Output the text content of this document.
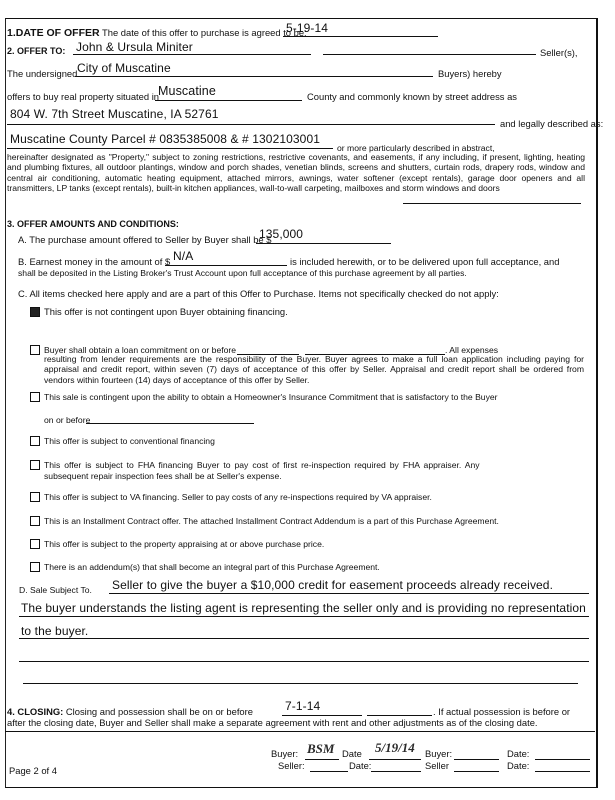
1.DATE OF OFFER The date of this offer to purchase is agreed to be:
5-19-14
2. OFFER TO: John & Ursula Miniter	Seller(s),
The undersigned City of Muscatine	Buyers) hereby
offers to buy real property situated in Muscatine	County and commonly known by street address as
804 W. 7th Street Muscatine, IA 52761
and legally described as:
Muscatine County Parcel # 0835385008 & # 1302103001
or more particularly described in abstract,
hereinafter designated as "Property," subject to zoning restrictions, restrictive covenants, and easements, if any including, if present, lighting, heating and plumbing fixtures, all outdoor plantings, window and porch shades, venetian blinds, screens and shutters, curtain rods, drapery rods, window and central air conditioning, automatic heating equipment, attached mirrors, awnings, water softener (except rentals), garage door openers and all transmitters, LP tanks (except rentals), built-in kitchen appliances, wall-to-wall carpeting, mailboxes and storm windows and doors
3. OFFER AMOUNTS AND CONDITIONS:
A. The purchase amount offered to Seller by Buyer shall be $
135,000
B. Earnest money in the amount of $ N/A	is included herewith, or to be delivered upon full acceptance, and
shall be deposited in the Listing Broker's Trust Account upon full acceptance of this purchase agreement by all parties.
C. All items checked here apply and are a part of this Offer to Purchase. Items not specifically checked do not apply:
This offer is not contingent upon Buyer obtaining financing.
Buyer shall obtain a loan commitment on or before	. All expenses
resulting from lender requirements are the responsibility of the Buyer. Buyer agrees to make a full loan application including paying for appraisal and credit report, within seven (7) days of acceptance of this offer by Seller. Appraisal and credit report shall be ordered from vendors within fourteen (14) days of acceptance of this offer by Seller.
This sale is contingent upon the ability to obtain a Homeowner's Insurance Commitment that is satisfactory to the Buyer
on or before
This offer is subject to conventional financing
This offer is subject to FHA financing Buyer to pay cost of first re-inspection required by FHA appraiser. Any
subsequent repair inspection fees shall be at Seller's expense.
This offer is subject to VA financing. Seller to pay costs of any re-inspections required by VA appraiser.
This is an Installment Contract offer. The attached Installment Contract Addendum is a part of this Purchase Agreement.
This offer is subject to the property appraising at or above purchase price.
There is an addendum(s) that shall become an integral part of this Purchase Agreement.
D. Sale Subject To. Seller to give the buyer a $10,000 credit for easement proceeds already received.
The buyer understands the listing agent is representing the seller only and is providing no representation
to the buyer.
4. CLOSING: Closing and possession shall be on or before	7-1-14	. If actual possession is before or
after the closing date, Buyer and Seller shall make a separate agreement with rent and other adjustments as of the closing date.
Page 2 of 4
Buyer: BSM Date 5/19/14 Buyer:	Date:
Seller:	Date:	Seller	Date:
